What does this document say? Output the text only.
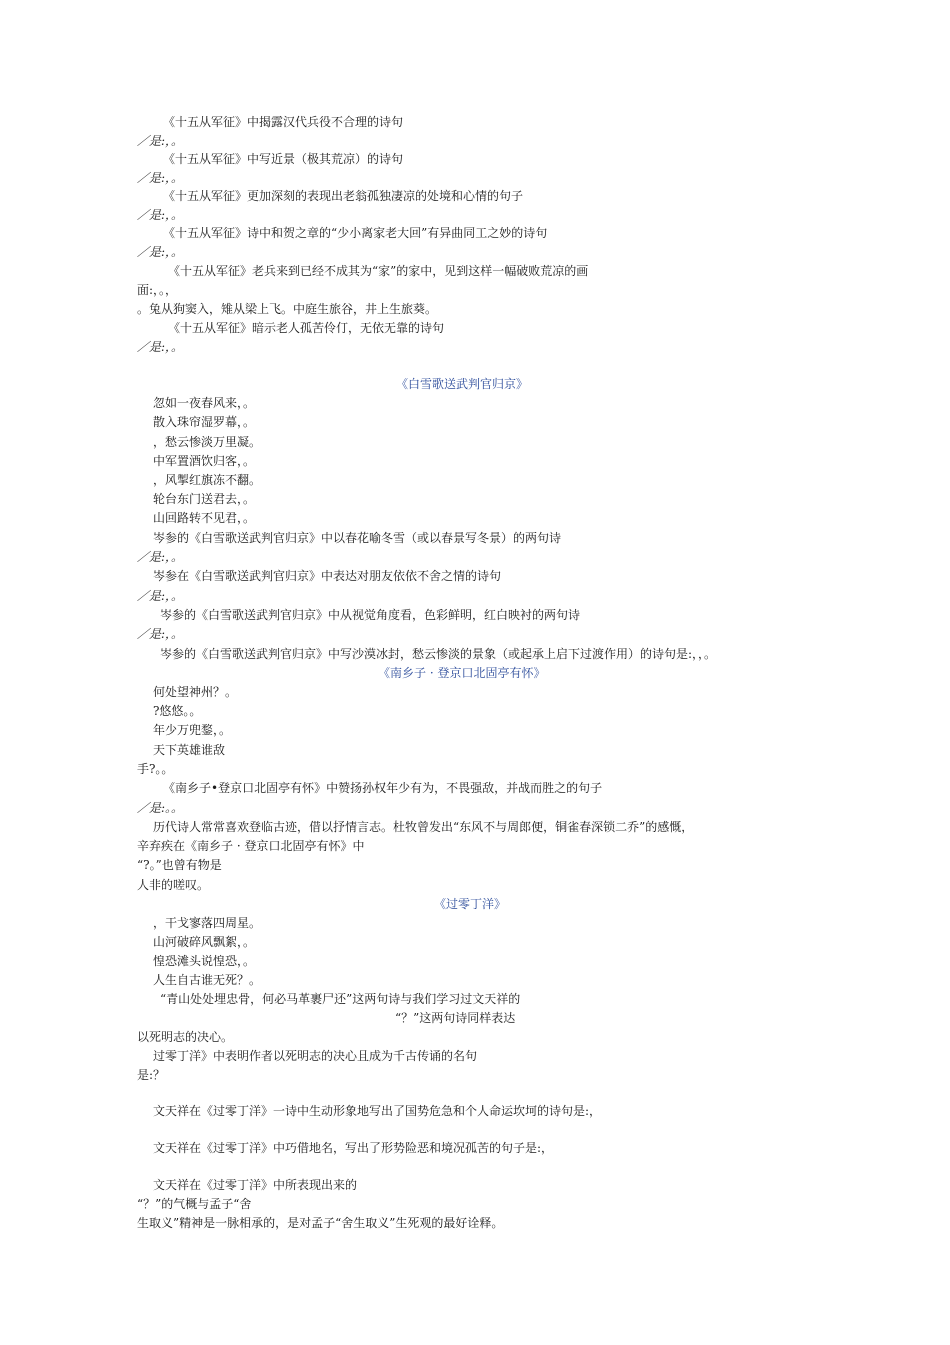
《十五从军征》中揭露汉代兵役不合理的诗句
／是:，。
《十五从军征》中写近景（极其荒凉）的诗句
／是:，。
《十五从军征》更加深刻的表现出老翁孤独凄凉的处境和心情的句子
／是:，。
《十五从军征》诗中和贺之章的“少小离家老大回”有异曲同工之妙的诗句
／是:，。
《十五从军征》老兵来到已经不成其为“家”的家中，见到这样一幅破败荒凉的画
面:，。，
。兔从狗窦入，雉从梁上飞。中庭生旅谷，井上生旅葵。
《十五从军征》暗示老人孤苦伶仃，无依无靠的诗句
／是:，。
《白雪歌送武判官归京》
忽如一夜春风来，。
散入珠帘湿罗幕，。
，愁云惨淡万里凝。
中军置酒饮归客，。
，风掣红旗冻不翻。
轮台东门送君去，。
山回路转不见君，。
岑参的《白雪歌送武判官归京》中以春花喻冬雪（或以春景写冬景）的两句诗
／是:，。
岑参在《白雪歌送武判官归京》中表达对朋友依依不舍之情的诗句
／是:，。
岑参的《白雪歌送武判官归京》中从视觉角度看，色彩鲜明，红白映衬的两句诗
／是:，。
岑参的《白雪歌送武判官归京》中写沙漠冰封，愁云惨淡的景象（或起承上启下过渡作用）的诗句是:，，。
《南乡子 · 登京口北固亭有怀》
何处望神州？。
?悠悠。。
年少万兜鍪，。
天下英雄谁敌
手?。。
《南乡子•登京口北固亭有怀》中赞扬孙权年少有为，不畏强敌，并战而胜之的句子
／是:。。
历代诗人常常喜欢登临古迹，借以抒情言志。杜牧曾发出“东风不与周郎便，铜雀春深锁二乔”的感慨，
辛弃疾在《南乡子 · 登京口北固亭有怀》中
“?。”也曾有物是
人非的嗟叹。
《过零丁洋》
，干戈寥落四周星。
山河破碎风飘絮，。
惶恐滩头说惶恐，。
人生自古谁无死？。
“青山处处埋忠骨，何必马革裹尸还”这两句诗与我们学习过文天祥的
“？”这两句诗同样表达
以死明志的决心。
过零丁洋》中表明作者以死明志的决心且成为千古传诵的名句
是:？
文天祥在《过零丁洋》一诗中生动形象地写出了国势危急和个人命运坎坷的诗句是:，
文天祥在《过零丁洋》中巧借地名，写出了形势险恶和境况孤苦的句子是:，
文天祥在《过零丁洋》中所表现出来的
“？”的气概与孟子“舍
生取义”精神是一脉相承的，是对孟子“舍生取义”生死观的最好诠释。
